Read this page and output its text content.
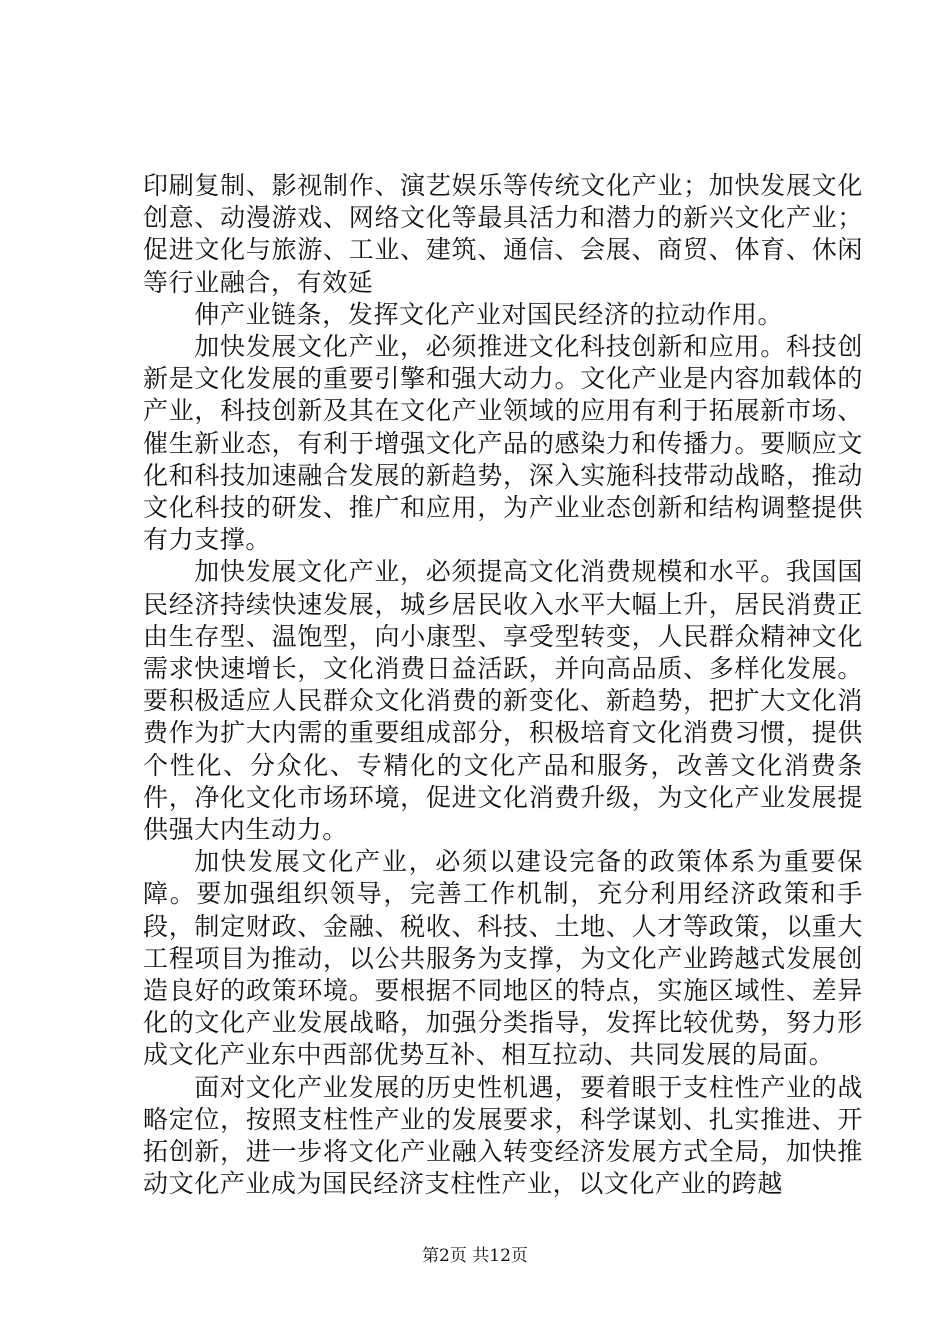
印刷复制、影视制作、演艺娱乐等传统文化产业；加快发展文化创意、动漫游戏、网络文化等最具活力和潜力的新兴文化产业；促进文化与旅游、工业、建筑、通信、会展、商贸、体育、休闲等行业融合，有效延

伸产业链条，发挥文化产业对国民经济的拉动作用。

加快发展文化产业，必须推进文化科技创新和应用。科技创新是文化发展的重要引擎和强大动力。文化产业是内容加载体的产业，科技创新及其在文化产业领域的应用有利于拓展新市场、催生新业态，有利于增强文化产品的感染力和传播力。要顺应文化和科技加速融合发展的新趋势，深入实施科技带动战略，推动文化科技的研发、推广和应用，为产业业态创新和结构调整提供有力支撑。

加快发展文化产业，必须提高文化消费规模和水平。我国国民经济持续快速发展，城乡居民收入水平大幅上升，居民消费正由生存型、温饱型，向小康型、享受型转变，人民群众精神文化需求快速增长，文化消费日益活跃，并向高品质、多样化发展。要积极适应人民群众文化消费的新变化、新趋势，把扩大文化消费作为扩大内需的重要组成部分，积极培育文化消费习惯，提供个性化、分众化、专精化的文化产品和服务，改善文化消费条件，净化文化市场环境，促进文化消费升级，为文化产业发展提供强大内生动力。

加快发展文化产业，必须以建设完备的政策体系为重要保障。要加强组织领导，完善工作机制，充分利用经济政策和手段，制定财政、金融、税收、科技、土地、人才等政策，以重大工程项目为推动，以公共服务为支撑，为文化产业跨越式发展创造良好的政策环境。要根据不同地区的特点，实施区域性、差异化的文化产业发展战略，加强分类指导，发挥比较优势，努力形成文化产业东中西部优势互补、相互拉动、共同发展的局面。

面对文化产业发展的历史性机遇，要着眼于支柱性产业的战略定位，按照支柱性产业的发展要求，科学谋划、扎实推进、开拓创新，进一步将文化产业融入转变经济发展方式全局，加快推动文化产业成为国民经济支柱性产业，以文化产业的跨越

第2页 共12页
